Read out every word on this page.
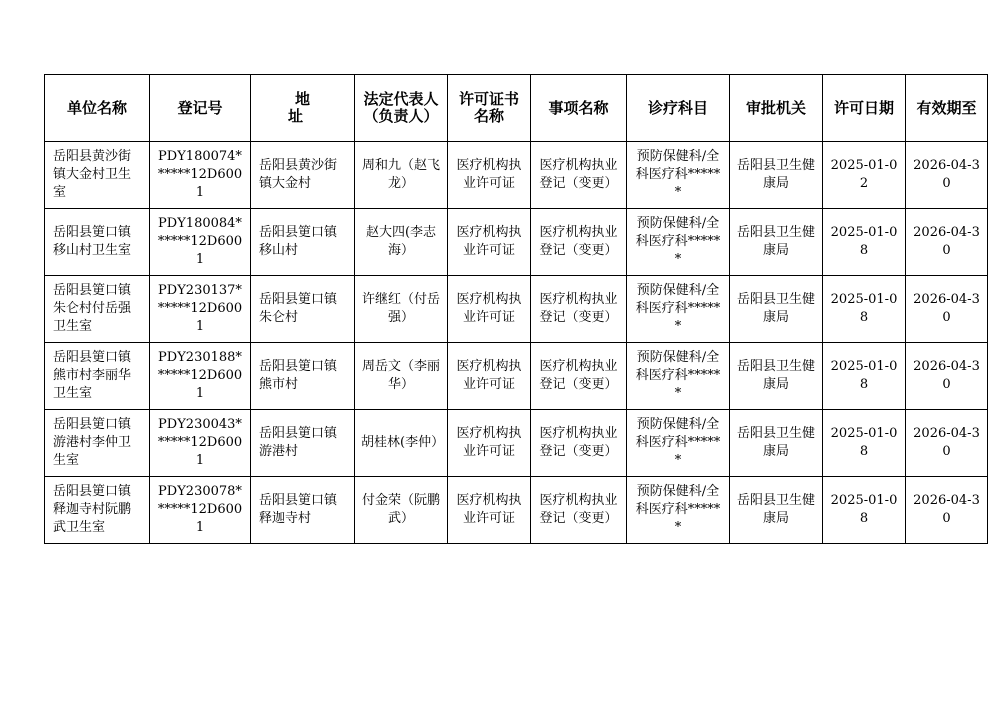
单位名称	登记号	地 址	法定代表人（负责人）	许可证书名称	事项名称	诊疗科目	审批机关	许可日期	有效期至
岳阳县黄沙街镇大金村卫生室	PDY180074******12D6001	岳阳县黄沙街镇大金村	周和九（赵飞龙）	医疗机构执业许可证	医疗机构执业登记（变更）	预防保健科/全科医疗科******	岳阳县卫生健康局	2025-01-02	2026-04-30
岳阳县筻口镇移山村卫生室	PDY180084******12D6001	岳阳县筻口镇移山村	赵大四(李志海）	医疗机构执业许可证	医疗机构执业登记（变更）	预防保健科/全科医疗科******	岳阳县卫生健康局	2025-01-08	2026-04-30
岳阳县筻口镇朱仑村付岳强卫生室	PDY230137******12D6001	岳阳县筻口镇朱仑村	许继红（付岳强）	医疗机构执业许可证	医疗机构执业登记（变更）	预防保健科/全科医疗科******	岳阳县卫生健康局	2025-01-08	2026-04-30
岳阳县筻口镇熊市村李丽华卫生室	PDY230188******12D6001	岳阳县筻口镇熊市村	周岳文（李丽华）	医疗机构执业许可证	医疗机构执业登记（变更）	预防保健科/全科医疗科******	岳阳县卫生健康局	2025-01-08	2026-04-30
岳阳县筻口镇游港村李仲卫生室	PDY230043******12D6001	岳阳县筻口镇游港村	胡桂林(李仲）	医疗机构执业许可证	医疗机构执业登记（变更）	预防保健科/全科医疗科******	岳阳县卫生健康局	2025-01-08	2026-04-30
岳阳县筻口镇释迦寺村阮鹏武卫生室	PDY230078******12D6001	岳阳县筻口镇释迦寺村	付金荣（阮鹏武）	医疗机构执业许可证	医疗机构执业登记（变更）	预防保健科/全科医疗科******	岳阳县卫生健康局	2025-01-08	2026-04-30
